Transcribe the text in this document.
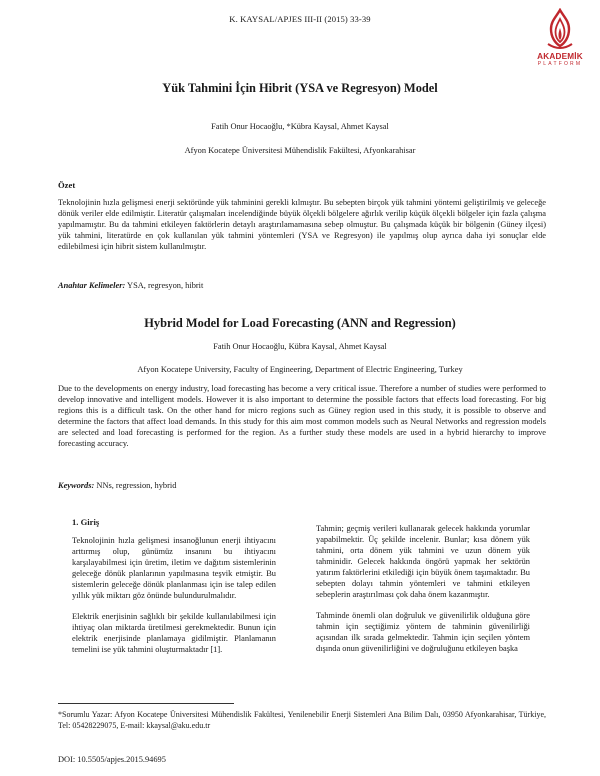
K. KAYSAL/APJES III-II (2015) 33-39
AKADEMİK
PLATFORM
Yük Tahmini İçin Hibrit (YSA ve Regresyon) Model
Fatih Onur Hocaoğlu, *Kübra Kaysal, Ahmet Kaysal
Afyon Kocatepe Üniversitesi Mühendislik Fakültesi, Afyonkarahisar
Özet
Teknolojinin hızla gelişmesi enerji sektöründe yük tahminini gerekli kılmıştır. Bu sebepten birçok yük tahmini yöntemi geliştirilmiş ve geleceğe dönük veriler elde edilmiştir. Literatür çalışmaları incelendiğinde büyük ölçekli bölgelere ağırlık verilip küçük ölçekli bölgeler için fazla çalışma yapılmamıştır. Bu da tahmini etkileyen faktörlerin detaylı araştırılamamasına sebep olmuştur. Bu çalışmada küçük bir bölgenin (Güney ilçesi) yük tahmini, literatürde en çok kullanılan yük tahmini yöntemleri (YSA ve Regresyon) ile yapılmış olup ayrıca daha iyi sonuçlar elde edilebilmesi için hibrit sistem kullanılmıştır.
Anahtar Kelimeler: YSA, regresyon, hibrit
Hybrid Model for Load Forecasting (ANN and Regression)
Fatih Onur Hocaoğlu, Kübra Kaysal, Ahmet Kaysal
Afyon Kocatepe University, Faculty of Engineering, Department of Electric Engineering, Turkey
Due to the developments on energy industry, load forecasting has become a very critical issue. Therefore a number of studies were performed to develop innovative and intelligent models. However it is also important to determine the possible factors that effects load forecasting. For big regions this is a difficult task. On the other hand for micro regions such as Güney region used in this study, it is possible to observe and determine the factors that affect load demands. In this study for this aim most common models such as Neural Networks and regression models are selected and load forecasting is performed for the region. As a further study these models are used in a hybrid hierarchy to improve forecasting accuracy.
Keywords: NNs, regression, hybrid
1. Giriş

Teknolojinin hızla gelişmesi insanoğlunun enerji ihtiyacını arttırmış olup, günümüz insanını bu ihtiyacını karşılayabilmesi için üretim, iletim ve dağıtım sistemlerinin geleceğe dönük planlarının yapılmasına teşvik etmiştir. Bu sistemlerin geleceğe dönük planlanması için ise talep edilen yıllık yük miktarı göz önünde bulundurulmalıdır.

Elektrik enerjisinin sağlıklı bir şekilde kullanılabilmesi için ihtiyaç olan miktarda üretilmesi gerekmektedir. Bunun için elektrik enerjisinde planlamaya gidilmiştir. Planlamanın temelini ise yük tahmini oluşturmaktadır [1].

Tahmin; geçmiş verileri kullanarak gelecek hakkında yorumlar yapabilmektir. Üç şekilde incelenir. Bunlar; kısa dönem yük tahmini, orta dönem yük tahmini ve uzun dönem yük tahminidir. Gelecek hakkında öngörü yapmak her sektörün yatırım faktörlerini etkilediği için büyük önem taşımaktadır. Bu sebepten dolayı tahmin yöntemleri ve tahmini etkileyen sebeplerin araştırılması çok daha önem kazanmıştır.

Tahminde önemli olan doğruluk ve güvenilirlik olduğuna göre tahmin için seçtiğimiz yöntem de tahminin güvenilirliği açısından ilk sırada gelmektedir. Tahmin için seçilen yöntem dışında onun güvenilirliğini ve doğruluğunu etkileyen başka

*Sorumlu Yazar: Afyon Kocatepe Üniversitesi Mühendislik Fakültesi, Yenilenebilir Enerji Sistemleri Ana Bilim Dalı, 03950 Afyonkarahisar, Türkiye, Tel: 05428229075, E-mail: kkaysal@aku.edu.tr
DOI: 10.5505/apjes.2015.94695
